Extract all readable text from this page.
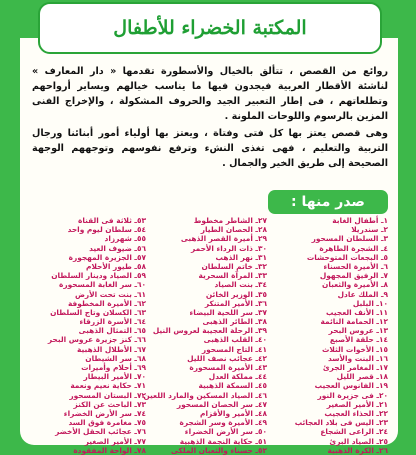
المكتبة الخضراء للأطفال

روائع من القصص ، تتألق بالخيال والأسطورة تقدمها « دار المعارف » لناشئة الأقطار العربية فيجدون فيها ما يناسب خيالهم ويساير أرواحهم وتطلعاتهم ، فى إطار التعبير الجيد والحروف المشكولة ، والإخراج الفنى المزين بالرسوم واللوحات الملونة .

وهى قصص يعتز بها كل فتى وفتاة ، ويعتز بها أولياء أمور أبنائنا ورجال التربية والتعليم ، فهى تغذى النشء وترفع نفوسهم وتوجههم الوجهة الصحيحة إلى طريق الخير والجمال .

صدر منها :
١ـ أطفال الغابة
٢ـ سندريلا
٣ـ السلطان المسحور
٤ـ الشجرة الطاهرة
٥ـ البجعات المتوحشات
٦ـ الأميرة الحسناء
٧ـ الرفيق المجهول
٨ـ الأميرة والثعبان
٩ـ الملك عادل
١٠ـ البلبل
١١ـ الأنف العجيب
١٢ـ الحمامة النائمة
١٣ـ عروس البحر
١٤ـ حلقة الأصبع
١٥ـ الأخوات الثلاث
١٦ـ البنت والأسد
١٧ـ المغامر الجرئ
١٨ـ قصر الليل
١٩ـ الفانوس العجيب
٢٠ـ فى جزيرة النور
٢١ـ الأمير الصغير
٢٢ـ الحذاء العجيب
٢٣ـ اليس فى بلاد العجائب
٢٤ـ الراعى الشجاع
٢٥ـ الصياد البرئ
٢٦ـ الكرة الذهبية
٢٧ـ الشاطر مخطوط
٢٨ـ الحصان الطيار
٢٩ـ أميرة القصر الذهبى
٣٠ـ ذات الرداء الأحمر
٣١ـ نهر الذهب
٣٢ـ خاتم السلطان
٣٣ـ المرآة السحرية
٣٤ـ بنت الصياد
٣٥ـ الوزير الخائن
٣٦ـ الأمير المتنكر
٣٧ـ سر اللحية البيضاء
٣٨ـ الطائر الذهبى
٣٩ـ الرحلة العجيبة لعروس النيل
٤٠ـ القلب الذهبى
٤١ـ التاج المسحور
٤٢ـ عجائب نصف الليل
٤٣ـ الأميرة المسحورة
٤٤ـ مملكة العدل
٤٥ـ السمكة الذهبية
٤٦ـ الصياد المسكين والمارد اللعين
٤٧ـ سر الحصان المسحور
٤٨ـ الأمير والأقزام
٤٩ـ الأميرة وسر الشجرة
٥٠ـ سر الأرض الخضراء
٥١ـ حكاية النجمة الذهبية
٥٢ـ حسناء والثعبان الملكى
٥٣ـ ثلاثة فى القناة
٥٤ـ سلطان ليوم واحد
٥٥ـ شهرزاد
٥٦ـ ضيوف العيد
٥٧ـ الجزيرة المهجورة
٥٨ـ طيور الأحلام
٥٩ـ الصياد ودينار السلطان
٦٠ـ سر الغابة المسحورة
٦١ـ بنت تحت الأرض
٦٢ـ الأميرة المخطوفة
٦٣ـ الكسلان وتاج السلطان
٦٤ـ الأسرة الزرقاء
٦٥ـ التمثال الذهبى
٦٦ـ كنز جزيرة عروس البحر
٦٧ـ الأطلال الذهبية
٦٨ـ سر الشيطان
٦٩ـ أحلام وأميرات
٧٠ـ الأمير البيطار
٧١ـ حكاية نعيم ونعمة
٧٢ـ البستان المسحور
٧٣ـ الباحث عن الكنز
٧٤ـ سر الأرض الخضراء
٧٥ـ مغامرة فوق السد
٧٦ـ عجائب الحقل الأخضر
٧٧ـ الأمير الصغير
٧٨ـ الواحة المفقودة
